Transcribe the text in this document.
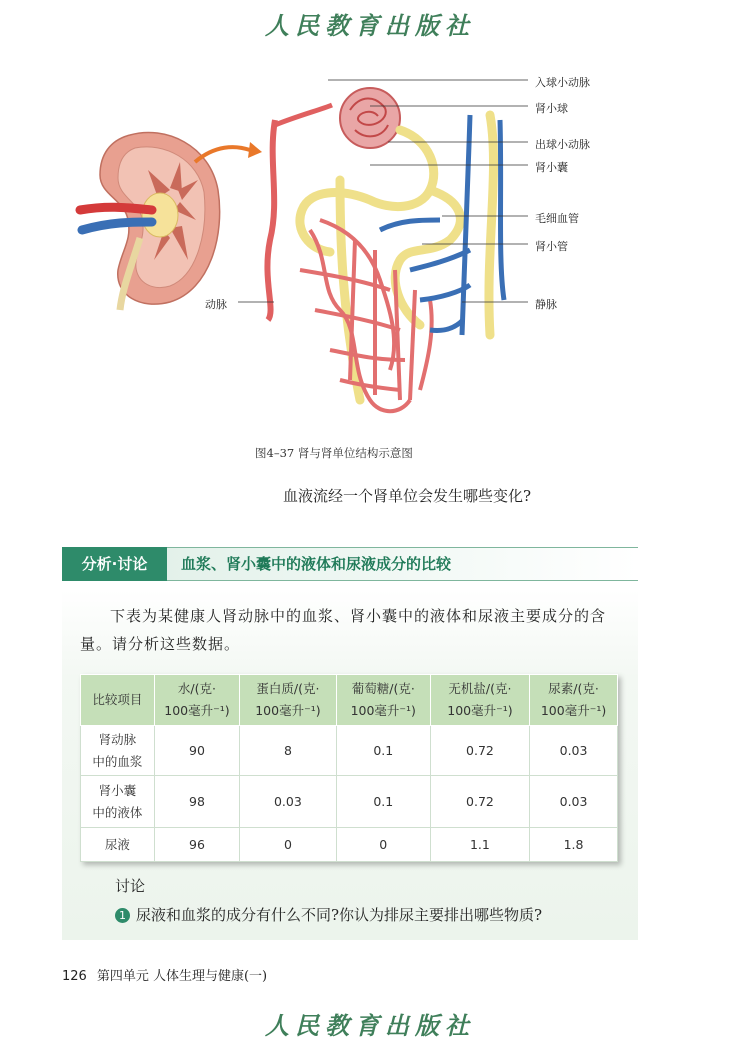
人民教育出版社
入球小动脉
肾小球
出球小动脉
肾小囊
毛细血管
肾小管
静脉
动脉
图4–37 肾与肾单位结构示意图
血液流经一个肾单位会发生哪些变化?
分析·讨论	血浆、肾小囊中的液体和尿液成分的比较
下表为某健康人肾动脉中的血浆、肾小囊中的液体和尿液主要成分的含量。请分析这些数据。
比较项目	水/(克·
100毫升⁻¹)	蛋白质/(克·
100毫升⁻¹)	葡萄糖/(克·
100毫升⁻¹)	无机盐/(克·
100毫升⁻¹)	尿素/(克·
100毫升⁻¹)
肾动脉
中的血浆	90	8	0.1	0.72	0.03
肾小囊
中的液体	98	0.03	0.1	0.72	0.03
尿液	96	0	0	1.1	1.8
讨论
1 尿液和血浆的成分有什么不同?你认为排尿主要排出哪些物质?
126 第四单元 人体生理与健康(一)
人民教育出版社
